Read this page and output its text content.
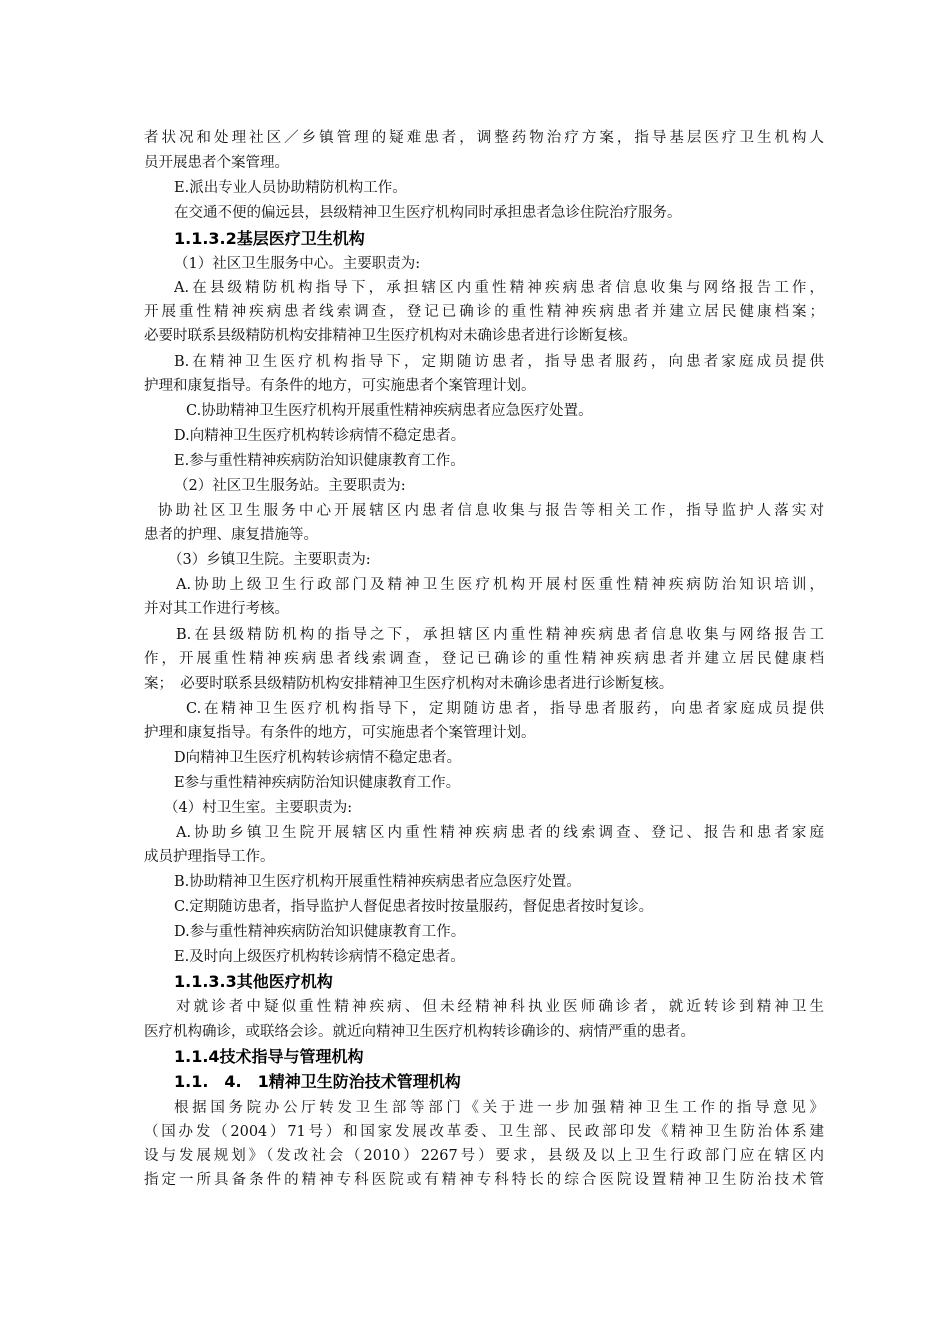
者状况和处理社区／乡镇管理的疑难患者，调整药物治疗方案，指导基层医疗卫生机构人
员开展患者个案管理。
E.派出专业人员协助精防机构工作。
在交通不便的偏远县，县级精神卫生医疗机构同时承担患者急诊住院治疗服务。
1.1.3.2基层医疗卫生机构
（1）社区卫生服务中心。主要职责为:
A.在县级精防机构指导下，承担辖区内重性精神疾病患者信息收集与网络报告工作，
开展重性精神疾病患者线索调查，登记已确诊的重性精神疾病患者并建立居民健康档案；
必要时联系县级精防机构安排精神卫生医疗机构对未确诊患者进行诊断复核。
B.在精神卫生医疗机构指导下，定期随访患者，指导患者服药，向患者家庭成员提供
护理和康复指导。有条件的地方，可实施患者个案管理计划。
C.协助精神卫生医疗机构开展重性精神疾病患者应急医疗处置。
D.向精神卫生医疗机构转诊病情不稳定患者。
E.参与重性精神疾病防治知识健康教育工作。
（2）社区卫生服务站。主要职责为:
协助社区卫生服务中心开展辖区内患者信息收集与报告等相关工作，指导监护人落实对
患者的护理、康复措施等。
（3）乡镇卫生院。主要职责为:
A.协助上级卫生行政部门及精神卫生医疗机构开展村医重性精神疾病防治知识培训，
并对其工作进行考核。
B.在县级精防机构的指导之下，承担辖区内重性精神疾病患者信息收集与网络报告工
作，开展重性精神疾病患者线索调查，登记已确诊的重性精神疾病患者并建立居民健康档
案；　必要时联系县级精防机构安排精神卫生医疗机构对未确诊患者进行诊断复核。
C.在精神卫生医疗机构指导下，定期随访患者，指导患者服药，向患者家庭成员提供
护理和康复指导。有条件的地方，可实施患者个案管理计划。
D向精神卫生医疗机构转诊病情不稳定患者。
E参与重性精神疾病防治知识健康教育工作。
（4）村卫生室。主要职责为:
A.协助乡镇卫生院开展辖区内重性精神疾病患者的线索调查、登记、报告和患者家庭
成员护理指导工作。
B.协助精神卫生医疗机构开展重性精神疾病患者应急医疗处置。
C.定期随访患者，指导监护人督促患者按时按量服药，督促患者按时复诊。
D.参与重性精神疾病防治知识健康教育工作。
E.及时向上级医疗机构转诊病情不稳定患者。
1.1.3.3其他医疗机构
对就诊者中疑似重性精神疾病、但未经精神科执业医师确诊者，就近转诊到精神卫生
医疗机构确诊，或联络会诊。就近向精神卫生医疗机构转诊确诊的、病情严重的患者。
1.1.4技术指导与管理机构
1.1.　4.　1精神卫生防治技术管理机构
根据国务院办公厅转发卫生部等部门《关于进一步加强精神卫生工作的指导意见》
（国办发（2004）71号）和国家发展改革委、卫生部、民政部印发《精神卫生防治体系建
设与发展规划》（发改社会（2010）2267号）要求，县级及以上卫生行政部门应在辖区内
指定一所具备条件的精神专科医院或有精神专科特长的综合医院设置精神卫生防治技术管
